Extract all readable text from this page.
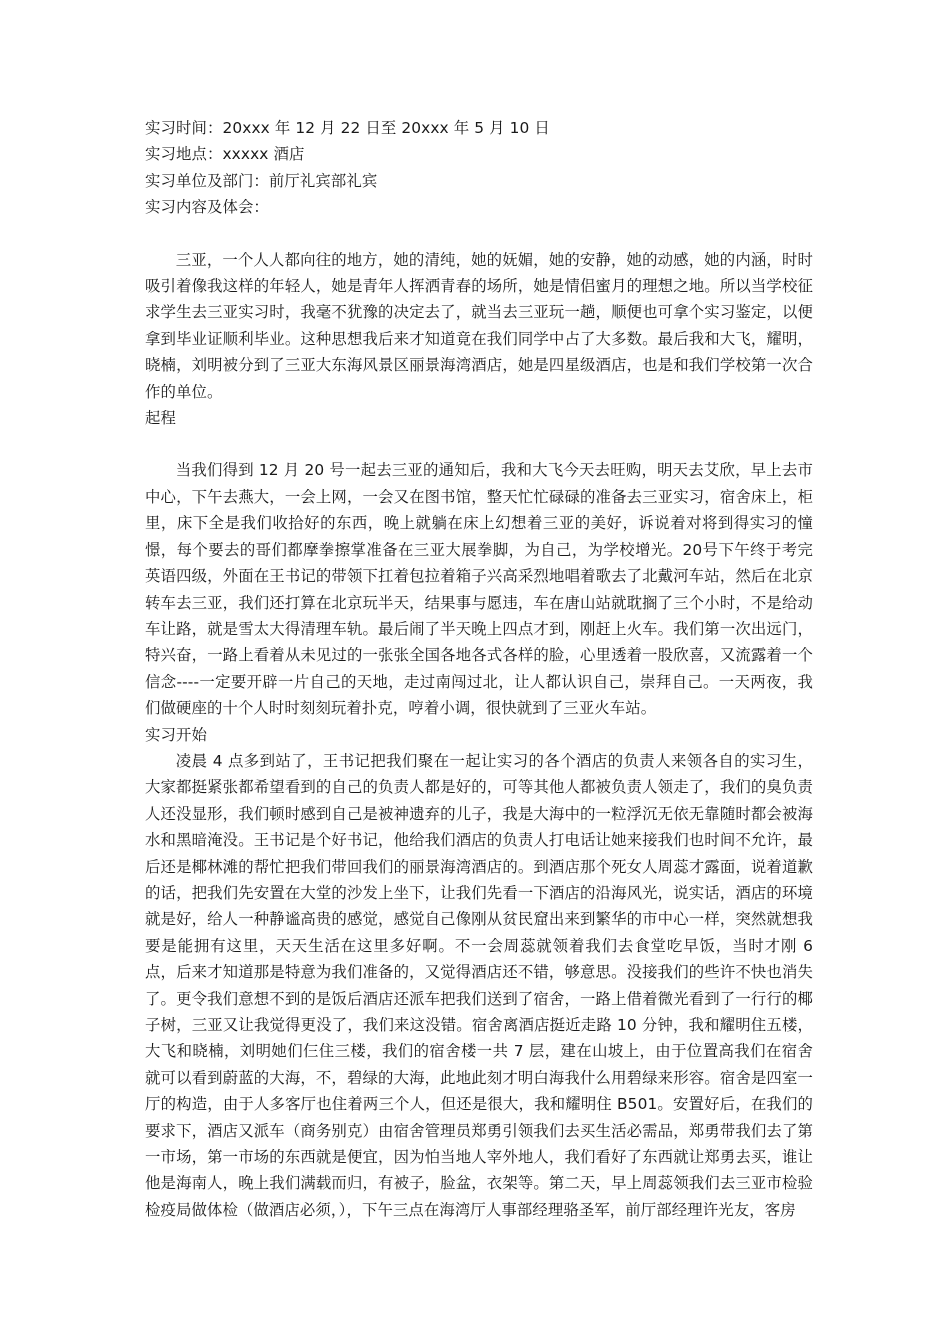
实习时间：20xxx 年 12 月 22 日至 20xxx 年 5 月 10 日

实习地点：xxxxx 酒店

实习单位及部门：前厅礼宾部礼宾

实习内容及体会：

三亚，一个人人都向往的地方，她的清纯，她的妩媚，她的安静，她的动感，她的内涵，时时吸引着像我这样的年轻人，她是青年人挥洒青春的场所，她是情侣蜜月的理想之地。所以当学校征求学生去三亚实习时，我毫不犹豫的决定去了，就当去三亚玩一趟，顺便也可拿个实习鉴定，以便拿到毕业证顺利毕业。这种思想我后来才知道竟在我们同学中占了大多数。最后我和大飞，耀明，晓楠，刘明被分到了三亚大东海风景区丽景海湾酒店，她是四星级酒店，也是和我们学校第一次合作的单位。

起程

当我们得到 12 月 20 号一起去三亚的通知后，我和大飞今天去旺购，明天去艾欣，早上去市中心，下午去燕大，一会上网，一会又在图书馆，整天忙忙碌碌的准备去三亚实习，宿舍床上，柜里，床下全是我们收拾好的东西，晚上就躺在床上幻想着三亚的美好，诉说着对将到得实习的憧憬，每个要去的哥们都摩拳擦掌准备在三亚大展拳脚，为自己，为学校增光。20号下午终于考完英语四级，外面在王书记的带领下扛着包拉着箱子兴高采烈地唱着歌去了北戴河车站，然后在北京转车去三亚，我们还打算在北京玩半天，结果事与愿违，车在唐山站就耽搁了三个小时，不是给动车让路，就是雪太大得清理车轨。最后闹了半天晚上四点才到，刚赶上火车。我们第一次出远门，特兴奋，一路上看着从未见过的一张张全国各地各式各样的脸，心里透着一股欣喜，又流露着一个信念----一定要开辟一片自己的天地，走过南闯过北，让人都认识自己，崇拜自己。一天两夜，我们做硬座的十个人时时刻刻玩着扑克，哼着小调，很快就到了三亚火车站。

实习开始

凌晨 4 点多到站了，王书记把我们聚在一起让实习的各个酒店的负责人来领各自的实习生，大家都挺紧张都希望看到的自己的负责人都是好的，可等其他人都被负责人领走了，我们的臭负责人还没显形，我们顿时感到自己是被神遗弃的儿子，我是大海中的一粒浮沉无依无靠随时都会被海水和黑暗淹没。王书记是个好书记，他给我们酒店的负责人打电话让她来接我们也时间不允许，最后还是椰林滩的帮忙把我们带回我们的丽景海湾酒店的。到酒店那个死女人周蕊才露面，说着道歉的话，把我们先安置在大堂的沙发上坐下，让我们先看一下酒店的沿海风光，说实话，酒店的环境就是好，给人一种静谧高贵的感觉，感觉自己像刚从贫民窟出来到繁华的市中心一样，突然就想我要是能拥有这里，天天生活在这里多好啊。不一会周蕊就领着我们去食堂吃早饭，当时才刚 6 点，后来才知道那是特意为我们准备的，又觉得酒店还不错，够意思。没接我们的些许不快也消失了。更令我们意想不到的是饭后酒店还派车把我们送到了宿舍，一路上借着微光看到了一行行的椰子树，三亚又让我觉得更没了，我们来这没错。宿舍离酒店挺近走路 10 分钟，我和耀明住五楼，大飞和晓楠，刘明她们仨住三楼，我们的宿舍楼一共 7 层，建在山坡上，由于位置高我们在宿舍就可以看到蔚蓝的大海，不，碧绿的大海，此地此刻才明白海我什么用碧绿来形容。宿舍是四室一厅的构造，由于人多客厅也住着两三个人，但还是很大，我和耀明住 B501。安置好后，在我们的要求下，酒店又派车（商务别克）由宿舍管理员郑勇引领我们去买生活必需品，郑勇带我们去了第一市场，第一市场的东西就是便宜，因为怕当地人宰外地人，我们看好了东西就让郑勇去买，谁让他是海南人，晚上我们满载而归，有被子，脸盆，衣架等。第二天，早上周蕊领我们去三亚市检验检疫局做体检（做酒店必须，），下午三点在海湾厅人事部经理骆圣军，前厅部经理许光友，客房
